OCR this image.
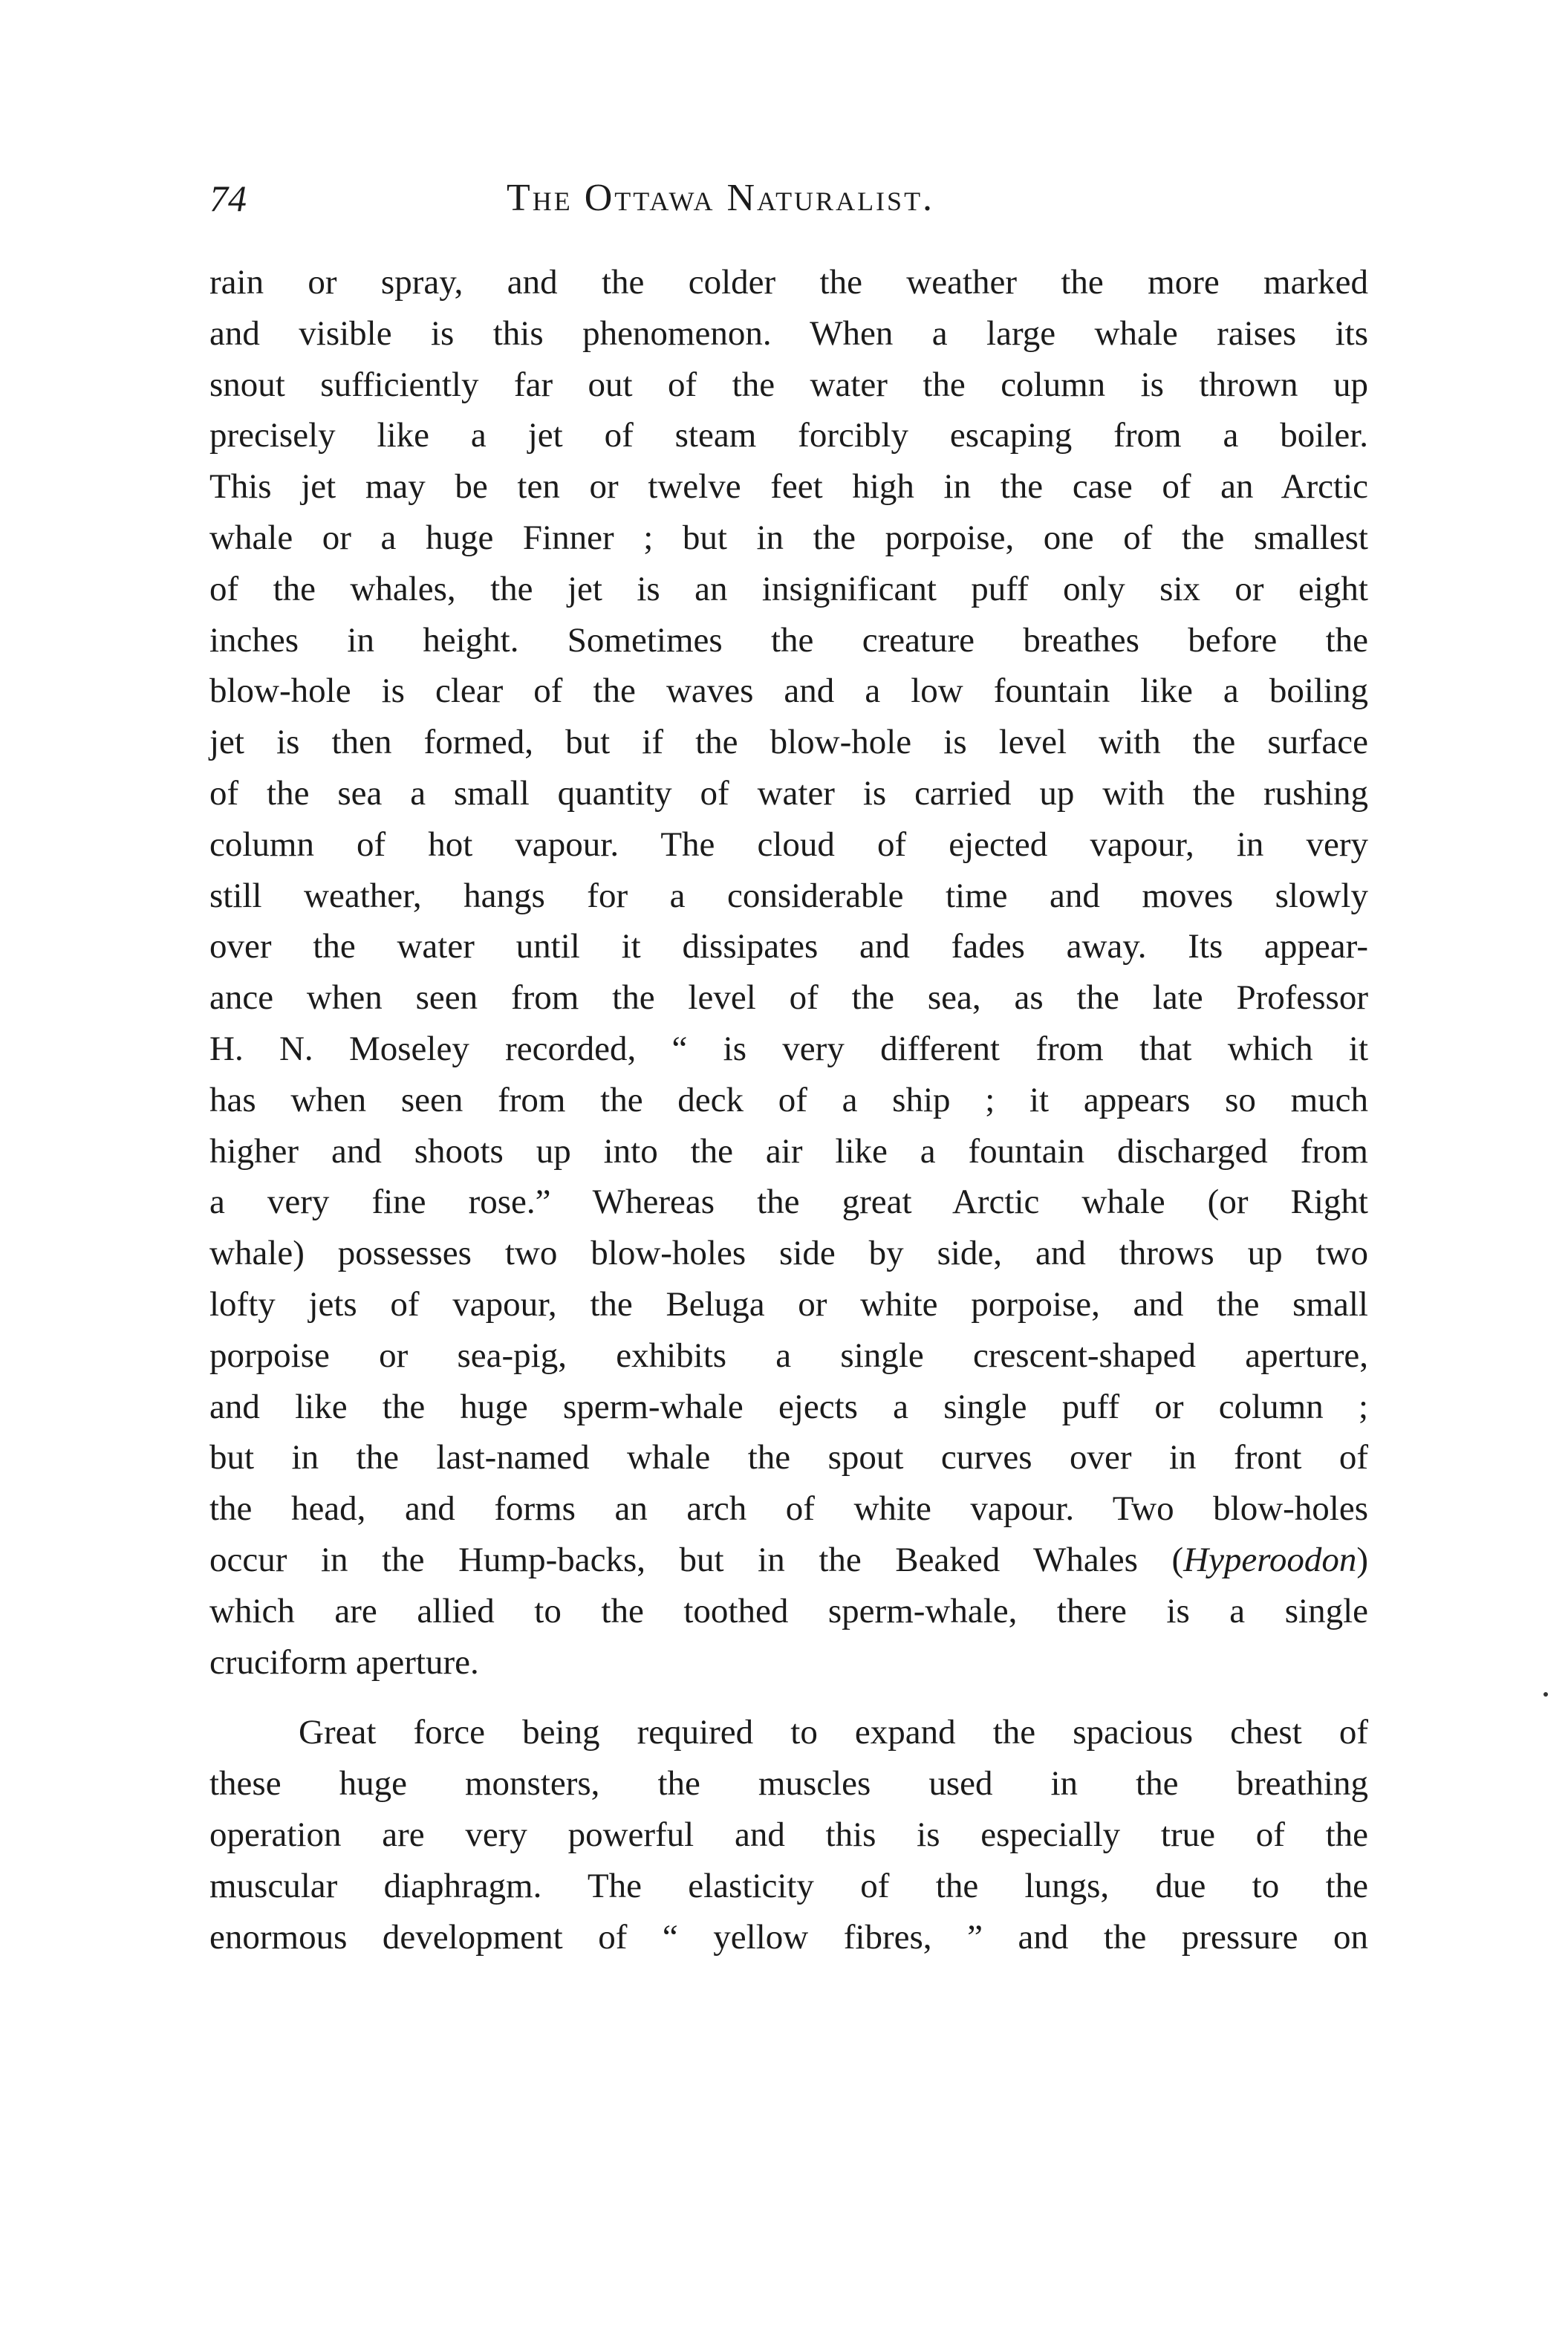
74	The Ottawa Naturalist.
rain or spray, and the colder the weather the more marked
and visible is this phenomenon. When a large whale raises its
snout sufficiently far out of the water the column is thrown up
precisely like a jet of steam forcibly escaping from a boiler.
This jet may be ten or twelve feet high in the case of an Arctic
whale or a huge Finner ; but in the porpoise, one of the smallest
of the whales, the jet is an insignificant puff only six or eight
inches in height. Sometimes the creature breathes before the
blow-hole is clear of the waves and a low fountain like a boiling
jet is then formed, but if the blow-hole is level with the surface
of the sea a small quantity of water is carried up with the rushing
column of hot vapour. The cloud of ejected vapour, in very
still weather, hangs for a considerable time and moves slowly
over the water until it dissipates and fades away. Its appear-
ance when seen from the level of the sea, as the late Professor
H. N. Moseley recorded, “ is very different from that which it
has when seen from the deck of a ship ; it appears so much
higher and shoots up into the air like a fountain discharged from
a very fine rose.” Whereas the great Arctic whale (or Right
whale) possesses two blow-holes side by side, and throws up two
lofty jets of vapour, the Beluga or white porpoise, and the small
porpoise or sea-pig, exhibits a single crescent-shaped aperture,
and like the huge sperm-whale ejects a single puff or column ;
but in the last-named whale the spout curves over in front of
the head, and forms an arch of white vapour. Two blow-holes
occur in the Hump-backs, but in the Beaked Whales (Hyperoodon)
which are allied to the toothed sperm-whale, there is a single
cruciform aperture.
Great force being required to expand the spacious chest of
these huge monsters, the muscles used in the breathing
operation are very powerful and this is especially true of the
muscular diaphragm. The elasticity of the lungs, due to the
enormous development of “ yellow fibres, ” and the pressure on
